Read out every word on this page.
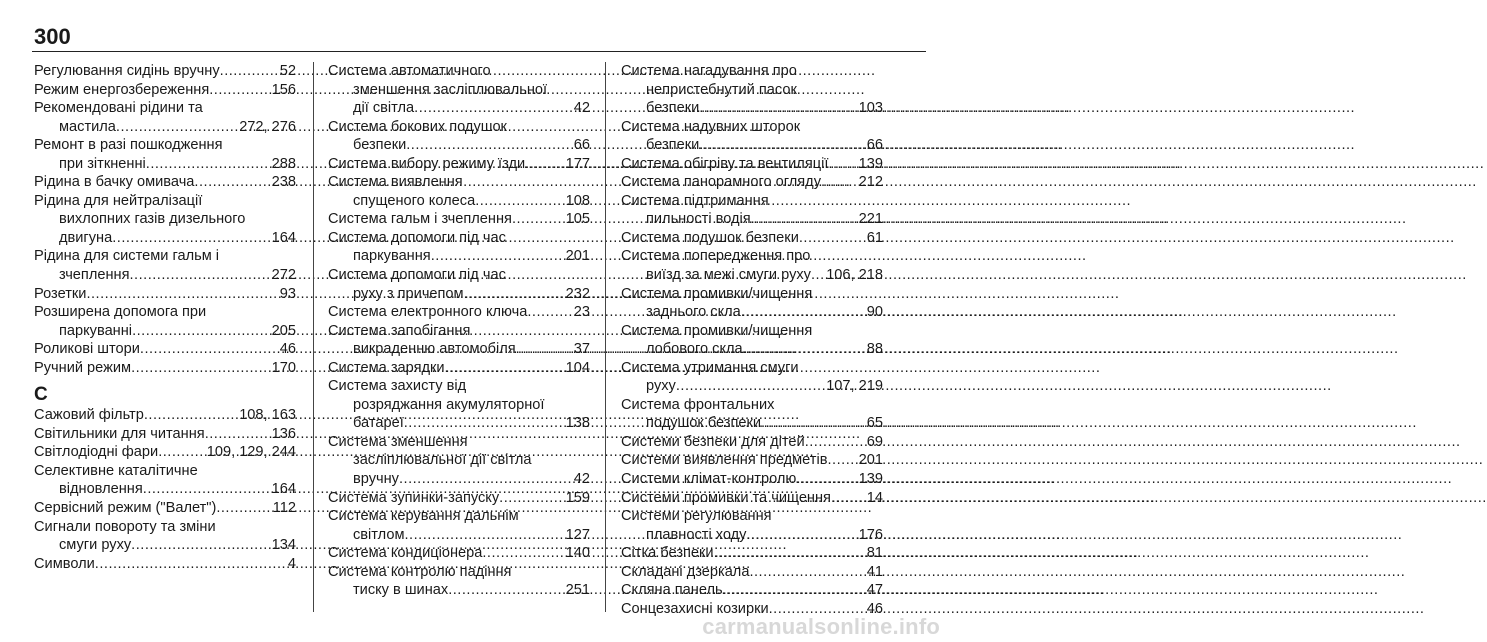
300
Регулювання сидінь вручну .....	52
Режим енергозбереження .....	156
Рекомендовані рідини та
мастила .....	272, 276
Ремонт в разі пошкодження
при зіткненні .....	288
Рідина в бачку омивача .....	238
Рідина для нейтралізації
вихлопних газів дизельного
двигуна .....	164
Рідина для системи гальм і
зчеплення .....	272
Розетки .....	93
Розширена допомога при
паркуванні .....	205
Роликові штори .....	46
Ручний режим .....	170
С
Сажовий фільтр .....	108, 163
Світильники для читання .....	136
Світлодіодні фари .....	109, 129, 244
Селективне каталітичне
відновлення .....	164
Сервісний режим ("Валет") .....	112
Сигнали повороту та зміни
смуги руху .....	134
Символи .....	4
Система автоматичного
зменшення засліплювальної
дії світла .....	42
Система бокових подушок
безпеки .....	66
Система вибору режиму їзди .....	177
Система виявлення
спущеного колеса .....	108
Система гальм і зчеплення .....	105
Система допомоги під час
паркування .....	201
Система допомоги під час
руху з причепом .....	232
Система електронного ключа .....	23
Система запобігання
викраденню автомобіля .....	37
Система зарядки .....	104
Система захисту від
розряджання акумуляторної
батареї .....	138
Система зменшення
засліплювальної дії світла
вручну .....	42
Система зупинки-запуску .....	159
Система керування дальнім
світлом .....	127
Система кондиціонера .....	140
Система контролю падіння
тиску в шинах .....	251
Система нагадування про
непристебнутий пасок
безпеки .....	103
Система надувних шторок
безпеки .....	66
Система обігріву та вентиляції ..... 139
Система панорамного огляду .....	212
Система підтримання
пильності водія .....	221
Система подушок безпеки .....	61
Система попередження про
виїзд за межі смуги руху ..... 106, 218
Система промивки/чищення
заднього скла .....	90
Система промивки/чищення
лобового скла .....	88
Система утримання смуги
руху .....	107, 219
Система фронтальних
подушок безпеки .....	65
Системи безпеки для дітей .....	69
Системи виявлення предметів ..... 201
Системи клімат-контролю .....	139
Системи промивки та чищення ..... 14
Системи регулювання
плавності ходу .....	176
Сітка безпеки .....	81
Складані дзеркала .....	41
Скляна панель .....	47
Сонцезахисні козирки .....	46
carmanualsonline.info
